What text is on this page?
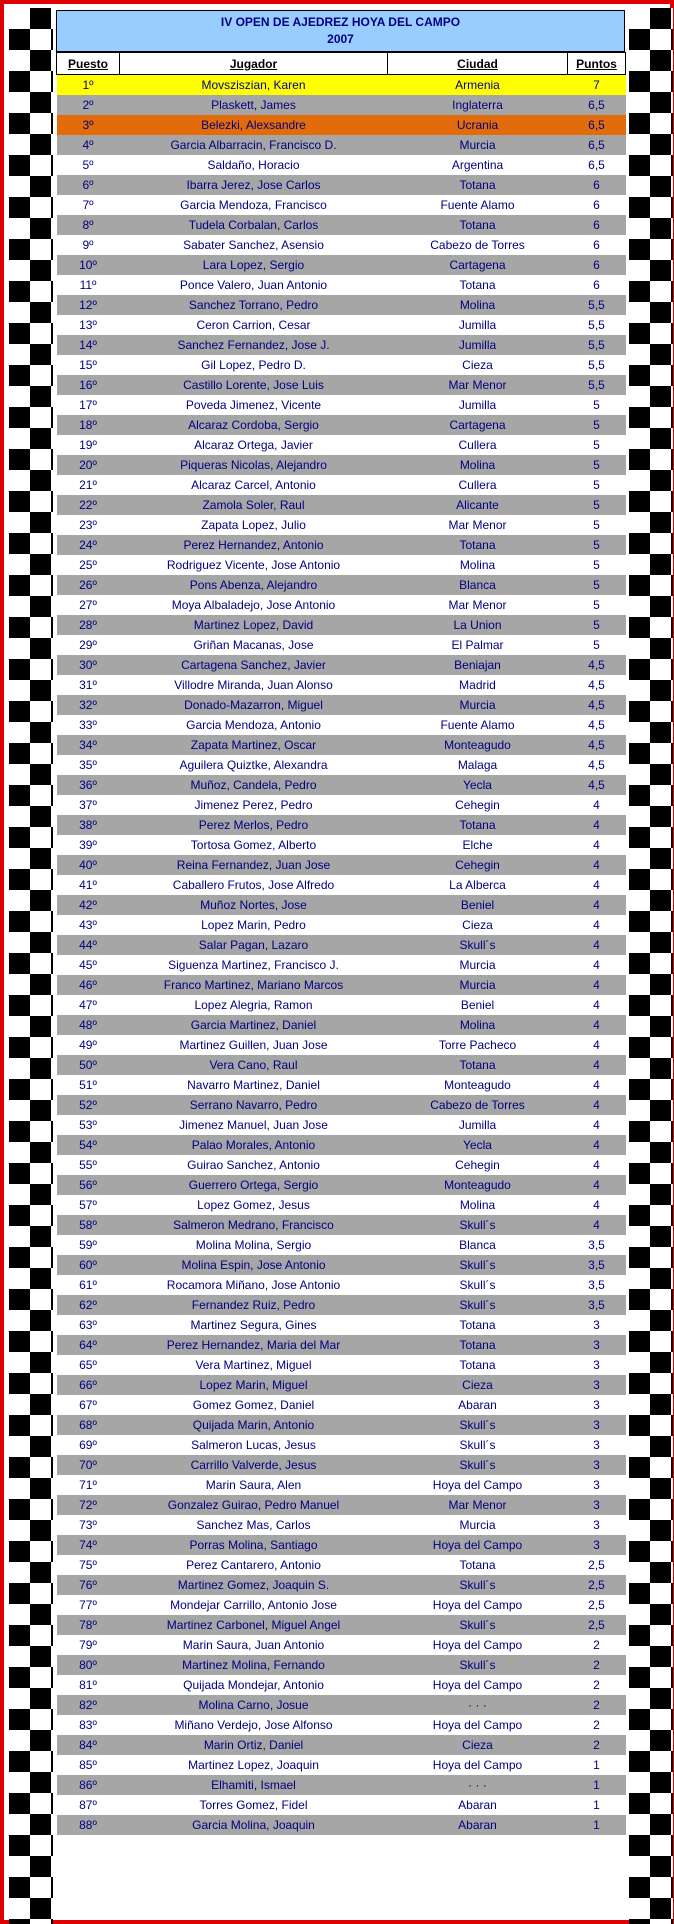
IV OPEN DE AJEDREZ HOYA DEL CAMPO
2007
Puesto	Jugador	Ciudad	Puntos
1º	Movsziszian, Karen	Armenia	7
2º	Plaskett, James	Inglaterra	6,5
3º	Belezki, Alexsandre	Ucrania	6,5
4º	Garcia Albarracin, Francisco D.	Murcia	6,5
5º	Saldaño, Horacio	Argentina	6,5
6º	Ibarra Jerez, Jose Carlos	Totana	6
7º	Garcia Mendoza, Francisco	Fuente Alamo	6
8º	Tudela Corbalan, Carlos	Totana	6
9º	Sabater Sanchez, Asensio	Cabezo de Torres	6
10º	Lara Lopez, Sergio	Cartagena	6
11º	Ponce Valero, Juan Antonio	Totana	6
12º	Sanchez Torrano, Pedro	Molina	5,5
13º	Ceron Carrion, Cesar	Jumilla	5,5
14º	Sanchez Fernandez, Jose J.	Jumilla	5,5
15º	Gil Lopez, Pedro D.	Cieza	5,5
16º	Castillo Lorente, Jose Luis	Mar Menor	5,5
17º	Poveda Jimenez, Vicente	Jumilla	5
18º	Alcaraz Cordoba, Sergio	Cartagena	5
19º	Alcaraz Ortega, Javier	Cullera	5
20º	Piqueras Nicolas, Alejandro	Molina	5
21º	Alcaraz Carcel, Antonio	Cullera	5
22º	Zamola Soler, Raul	Alicante	5
23º	Zapata Lopez, Julio	Mar Menor	5
24º	Perez Hernandez, Antonio	Totana	5
25º	Rodriguez Vicente, Jose Antonio	Molina	5
26º	Pons Abenza, Alejandro	Blanca	5
27º	Moya Albaladejo, Jose Antonio	Mar Menor	5
28º	Martinez Lopez, David	La Union	5
29º	Griñan Macanas, Jose	El Palmar	5
30º	Cartagena Sanchez, Javier	Beniajan	4,5
31º	Villodre Miranda, Juan Alonso	Madrid	4,5
32º	Donado-Mazarron, Miguel	Murcia	4,5
33º	Garcia Mendoza, Antonio	Fuente Alamo	4,5
34º	Zapata Martinez, Oscar	Monteagudo	4,5
35º	Aguilera Quiztke, Alexandra	Malaga	4,5
36º	Muñoz, Candela, Pedro	Yecla	4,5
37º	Jimenez Perez, Pedro	Cehegin	4
38º	Perez Merlos, Pedro	Totana	4
39º	Tortosa Gomez, Alberto	Elche	4
40º	Reina Fernandez, Juan Jose	Cehegin	4
41º	Caballero Frutos, Jose Alfredo	La Alberca	4
42º	Muñoz Nortes, Jose	Beniel	4
43º	Lopez Marin, Pedro	Cieza	4
44º	Salar Pagan, Lazaro	Skull´s	4
45º	Siguenza Martinez, Francisco J.	Murcia	4
46º	Franco Martinez, Mariano Marcos	Murcia	4
47º	Lopez Alegria, Ramon	Beniel	4
48º	Garcia Martinez, Daniel	Molina	4
49º	Martinez Guillen, Juan Jose	Torre Pacheco	4
50º	Vera Cano, Raul	Totana	4
51º	Navarro Martinez, Daniel	Monteagudo	4
52º	Serrano Navarro, Pedro	Cabezo de Torres	4
53º	Jimenez Manuel, Juan Jose	Jumilla	4
54º	Palao Morales, Antonio	Yecla	4
55º	Guirao Sanchez, Antonio	Cehegin	4
56º	Guerrero Ortega, Sergio	Monteagudo	4
57º	Lopez Gomez, Jesus	Molina	4
58º	Salmeron Medrano, Francisco	Skull´s	4
59º	Molina Molina, Sergio	Blanca	3,5
60º	Molina Espin, Jose Antonio	Skull´s	3,5
61º	Rocamora Miñano, Jose Antonio	Skull´s	3,5
62º	Fernandez Ruiz, Pedro	Skull´s	3,5
63º	Martinez Segura, Gines	Totana	3
64º	Perez Hernandez, Maria del Mar	Totana	3
65º	Vera Martinez, Miguel	Totana	3
66º	Lopez Marin, Miguel	Cieza	3
67º	Gomez Gomez, Daniel	Abaran	3
68º	Quijada Marin, Antonio	Skull´s	3
69º	Salmeron Lucas, Jesus	Skull´s	3
70º	Carrillo Valverde, Jesus	Skull´s	3
71º	Marin Saura, Alen	Hoya del Campo	3
72º	Gonzalez Guirao, Pedro Manuel	Mar Menor	3
73º	Sanchez Mas, Carlos	Murcia	3
74º	Porras Molina, Santiago	Hoya del Campo	3
75º	Perez Cantarero, Antonio	Totana	2,5
76º	Martinez Gomez, Joaquin S.	Skull´s	2,5
77º	Mondejar Carrillo, Antonio Jose	Hoya del Campo	2,5
78º	Martinez Carbonel, Miguel Angel	Skull´s	2,5
79º	Marin Saura, Juan Antonio	Hoya del Campo	2
80º	Martinez Molina, Fernando	Skull´s	2
81º	Quijada Mondejar, Antonio	Hoya del Campo	2
82º	Molina Carno, Josue	· · ·	2
83º	Miñano Verdejo, Jose Alfonso	Hoya del Campo	2
84º	Marin Ortiz, Daniel	Cieza	2
85º	Martinez Lopez, Joaquin	Hoya del Campo	1
86º	Elhamiti, Ismael	· · ·	1
87º	Torres Gomez, Fidel	Abaran	1
88º	Garcia Molina, Joaquin	Abaran	1
